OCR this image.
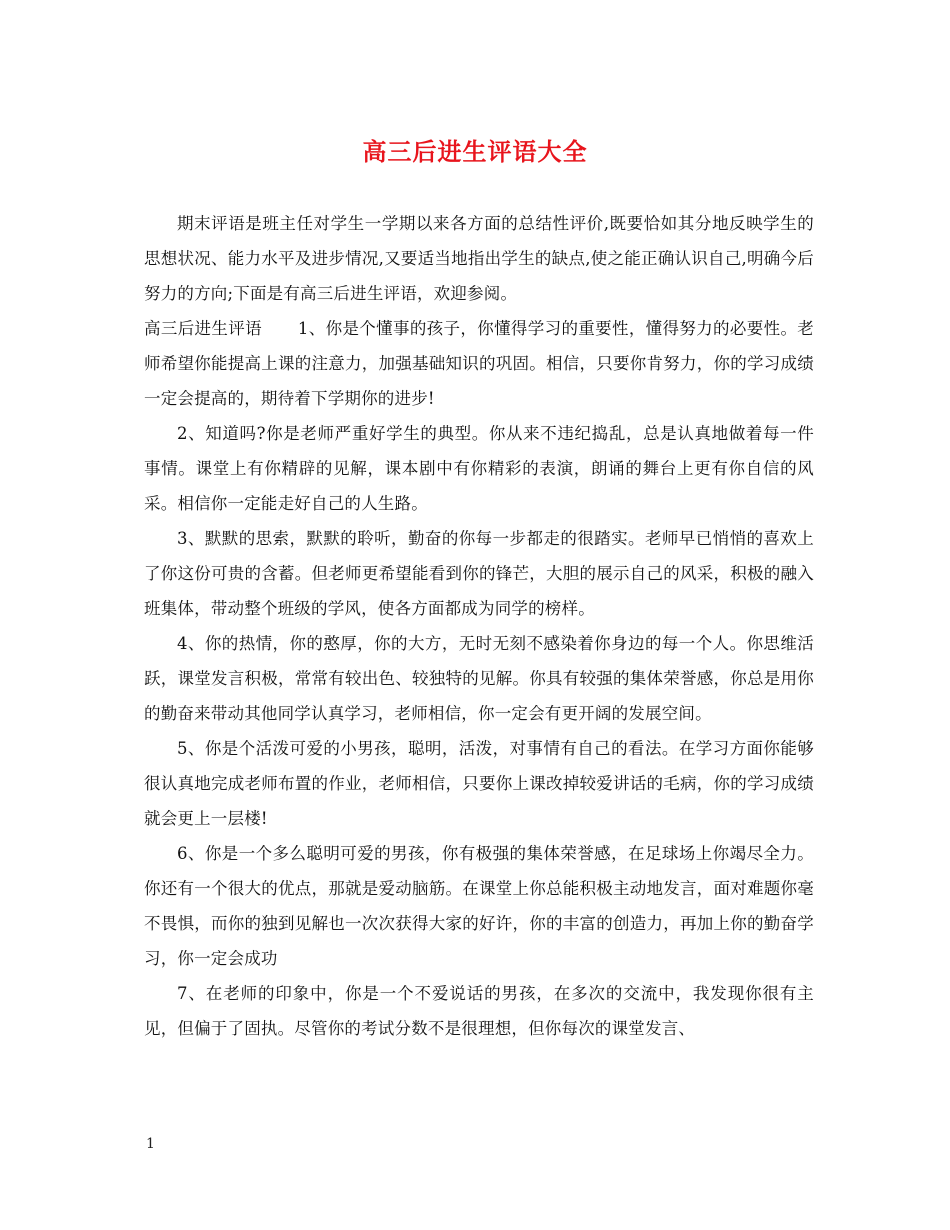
高三后进生评语大全

期末评语是班主任对学生一学期以来各方面的总结性评价,既要恰如其分地反映学生的思想状况、能力水平及进步情况,又要适当地指出学生的缺点,使之能正确认识自己,明确今后努力的方向;下面是有高三后进生评语，欢迎参阅。

高三后进生评语 1、你是个懂事的孩子，你懂得学习的重要性，懂得努力的必要性。老师希望你能提高上课的注意力，加强基础知识的巩固。相信，只要你肯努力，你的学习成绩一定会提高的，期待着下学期你的进步!

2、知道吗?你是老师严重好学生的典型。你从来不违纪捣乱，总是认真地做着每一件事情。课堂上有你精辟的见解，课本剧中有你精彩的表演，朗诵的舞台上更有你自信的风采。相信你一定能走好自己的人生路。

3、默默的思索，默默的聆听，勤奋的你每一步都走的很踏实。老师早已悄悄的喜欢上了你这份可贵的含蓄。但老师更希望能看到你的锋芒，大胆的展示自己的风采，积极的融入班集体，带动整个班级的学风，使各方面都成为同学的榜样。

4、你的热情，你的憨厚，你的大方，无时无刻不感染着你身边的每一个人。你思维活跃，课堂发言积极，常常有较出色、较独特的见解。你具有较强的集体荣誉感，你总是用你的勤奋来带动其他同学认真学习，老师相信，你一定会有更开阔的发展空间。

5、你是个活泼可爱的小男孩，聪明，活泼，对事情有自己的看法。在学习方面你能够很认真地完成老师布置的作业，老师相信，只要你上课改掉较爱讲话的毛病，你的学习成绩就会更上一层楼!

6、你是一个多么聪明可爱的男孩，你有极强的集体荣誉感，在足球场上你竭尽全力。你还有一个很大的优点，那就是爱动脑筋。在课堂上你总能积极主动地发言，面对难题你毫不畏惧，而你的独到见解也一次次获得大家的好许，你的丰富的创造力，再加上你的勤奋学习，你一定会成功

7、在老师的印象中，你是一个不爱说话的男孩，在多次的交流中，我发现你很有主见，但偏于了固执。尽管你的考试分数不是很理想，但你每次的课堂发言、

1
